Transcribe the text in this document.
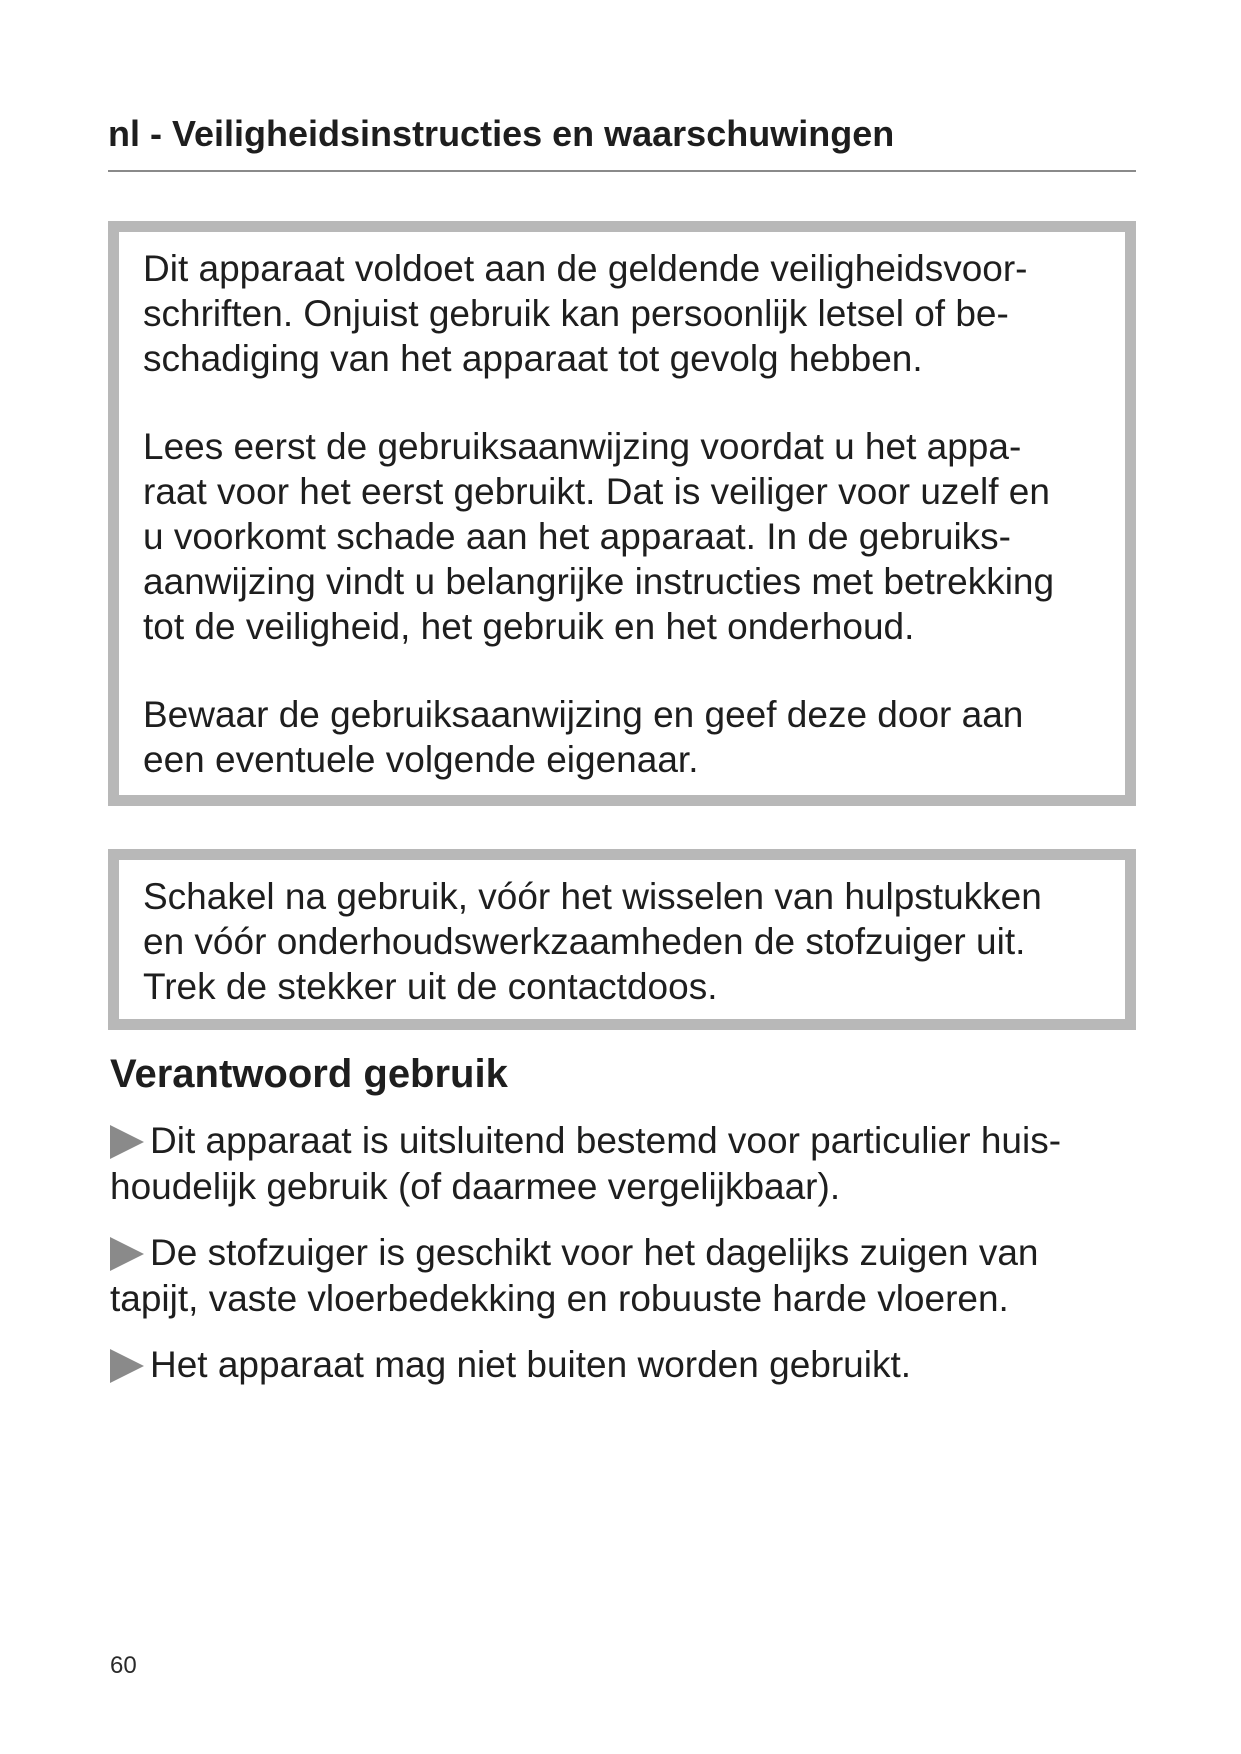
nl - Veiligheidsinstructies en waarschuwingen

Dit apparaat voldoet aan de geldende veiligheidsvoor-
schriften. Onjuist gebruik kan persoonlijk letsel of be-
schadiging van het apparaat tot gevolg hebben.

Lees eerst de gebruiksaanwijzing voordat u het appa-
raat voor het eerst gebruikt. Dat is veiliger voor uzelf en
u voorkomt schade aan het apparaat. In de gebruiks-
aanwijzing vindt u belangrijke instructies met betrekking
tot de veiligheid, het gebruik en het onderhoud.

Bewaar de gebruiksaanwijzing en geef deze door aan
een eventuele volgende eigenaar.

Schakel na gebruik, vóór het wisselen van hulpstukken
en vóór onderhoudswerkzaamheden de stofzuiger uit.
Trek de stekker uit de contactdoos.

Verantwoord gebruik
Dit apparaat is uitsluitend bestemd voor particulier huis-
houdelijk gebruik (of daarmee vergelijkbaar).
De stofzuiger is geschikt voor het dagelijks zuigen van
tapijt, vaste vloerbedekking en robuuste harde vloeren.
Het apparaat mag niet buiten worden gebruikt.
60
